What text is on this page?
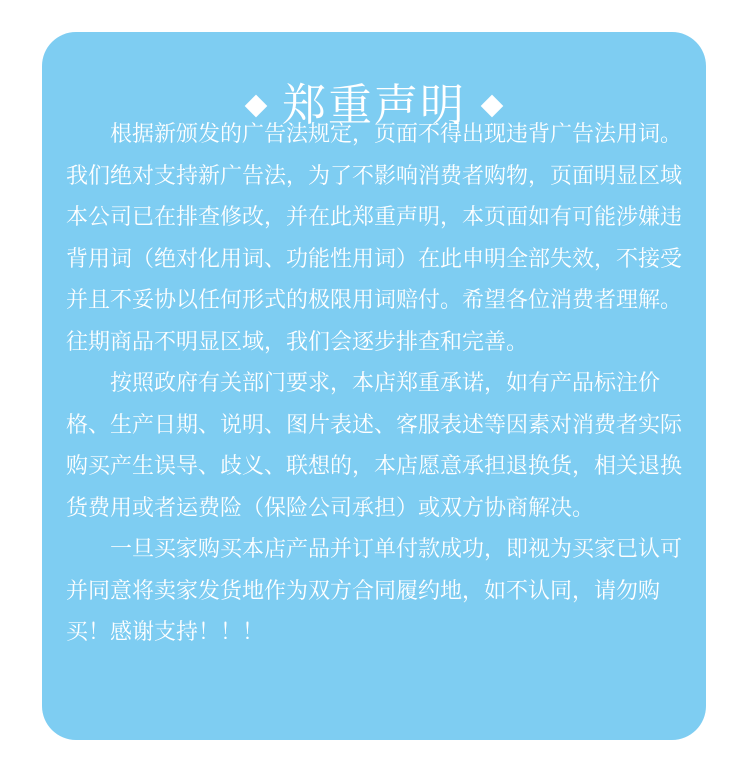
郑重声明

根据新颁发的广告法规定，页面不得出现违背广告法用词。我们绝对支持新广告法，为了不影响消费者购物，页面明显区域本公司已在排查修改，并在此郑重声明，本页面如有可能涉嫌违背用词（绝对化用词、功能性用词）在此申明全部失效，不接受并且不妥协以任何形式的极限用词赔付。希望各位消费者理解。往期商品不明显区域，我们会逐步排查和完善。

按照政府有关部门要求，本店郑重承诺，如有产品标注价格、生产日期、说明、图片表述、客服表述等因素对消费者实际购买产生误导、歧义、联想的，本店愿意承担退换货，相关退换货费用或者运费险（保险公司承担）或双方协商解决。

一旦买家购买本店产品并订单付款成功，即视为买家已认可并同意将卖家发货地作为双方合同履约地，如不认同，请勿购买！感谢支持！！！
